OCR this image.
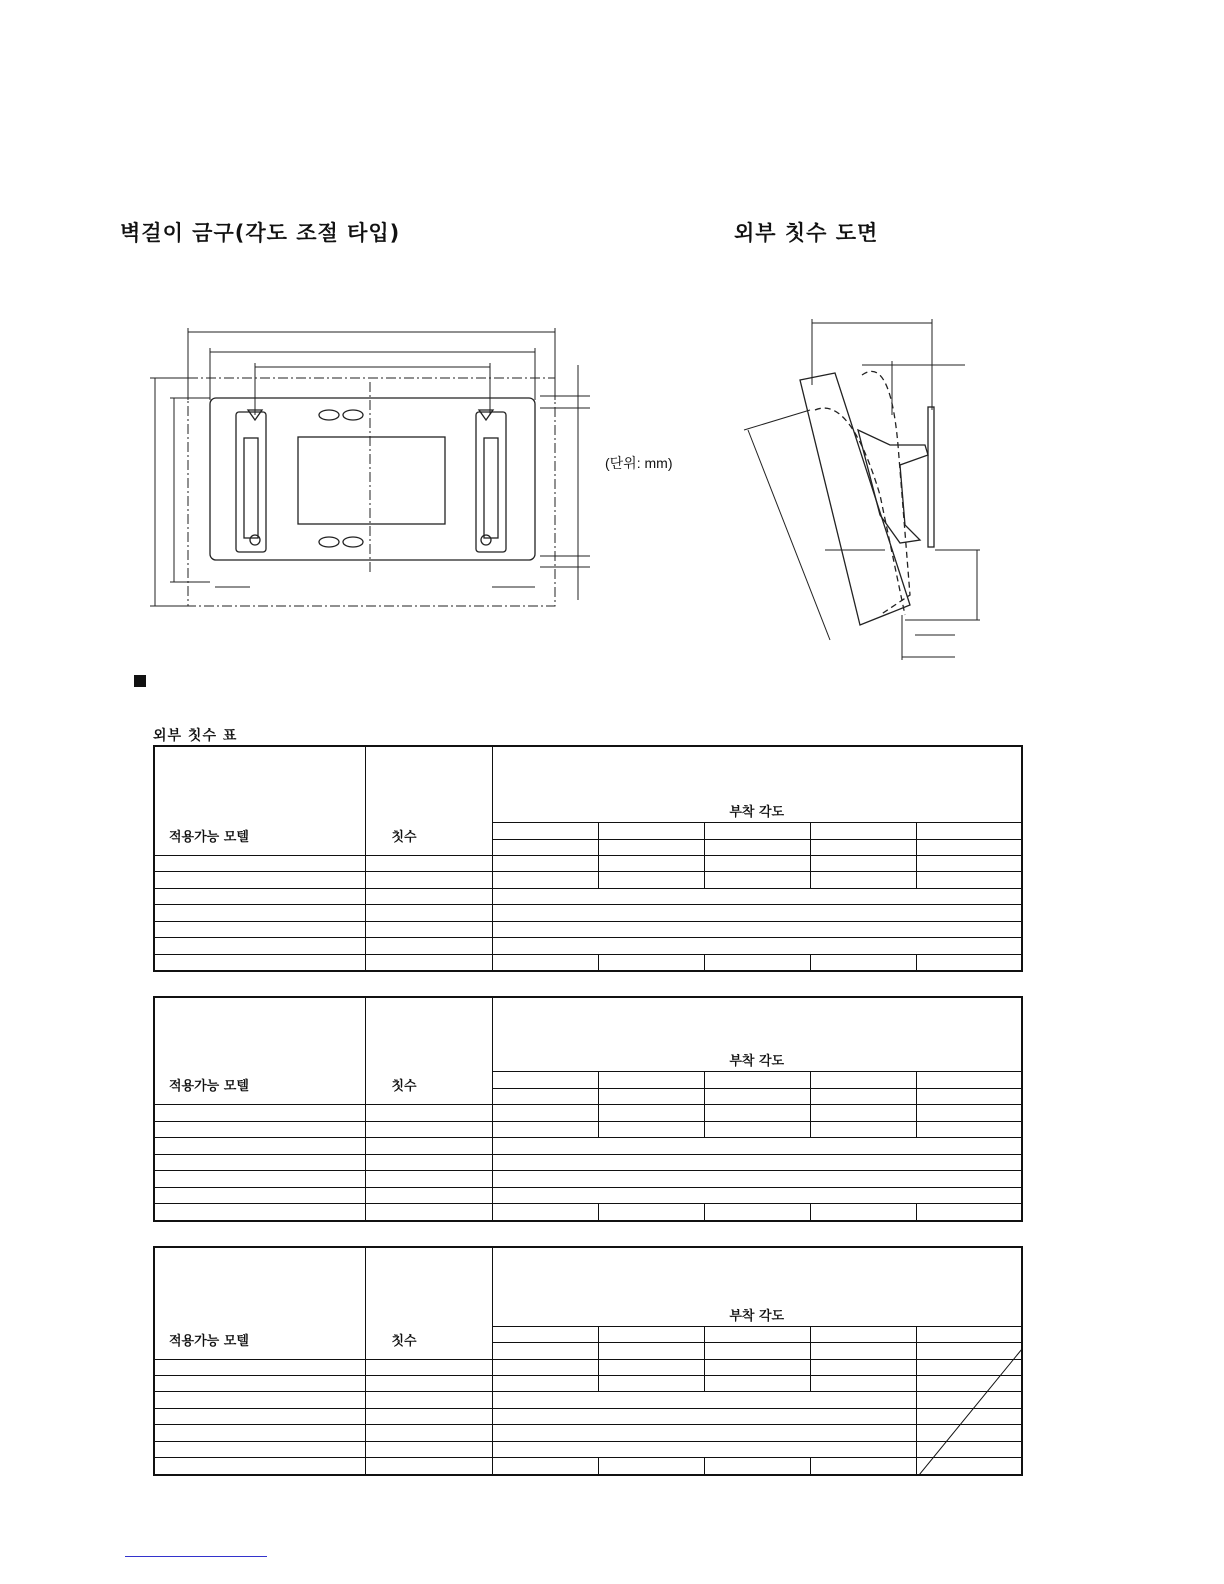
벽걸이 금구(각도 조절 타입)	외부 칫수 도면
(단위: mm)
외부 칫수 표
적용가능 모텔	칫수	부착 각도				

적용가능 모텔	칫수	부착 각도				

적용가능 모텔	칫수	부착 각도				
